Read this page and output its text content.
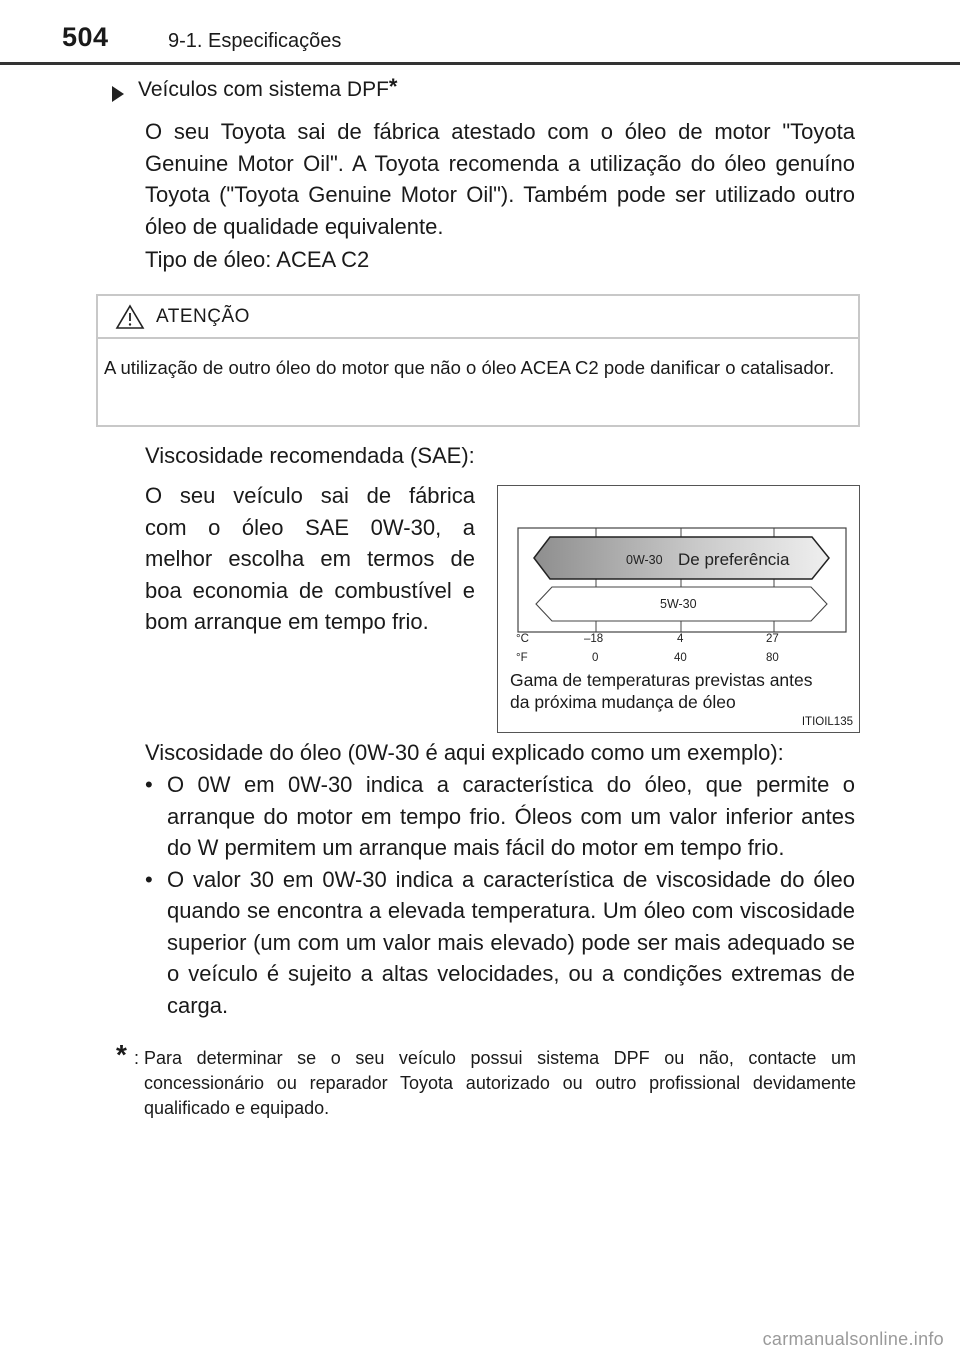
504	9-1. Especificações
Veículos com sistema DPF*
O seu Toyota sai de fábrica atestado com o óleo de motor "Toyota Genuine Motor Oil". A Toyota recomenda a utilização do óleo genuíno Toyota ("Toyota Genuine Motor Oil"). Também pode ser utilizado outro óleo de qualidade equivalente.
Tipo de óleo: ACEA C2
ATENÇÃO
A utilização de outro óleo do motor que não o óleo ACEA C2 pode danificar o catalisador.
Viscosidade recomendada (SAE):
O seu veículo sai de fábrica
com o óleo SAE 0W-30, a
melhor escolha em termos de
boa economia de combustível e
bom arranque em tempo frio.
0W-30 De preferência
5W-30
°C	–18	4	27
°F	0	40	80
Gama de temperaturas previstas antes
da próxima mudança de óleo
ITIOIL135
Viscosidade do óleo (0W-30 é aqui explicado como um exemplo):
• O 0W em 0W-30 indica a característica do óleo, que permite o arranque do motor em tempo frio. Óleos com um valor inferior antes do W permitem um arranque mais fácil do motor em tempo frio.
• O valor 30 em 0W-30 indica a característica de viscosidade do óleo quando se encontra a elevada temperatura. Um óleo com viscosidade superior (um com um valor mais elevado) pode ser mais adequado se o veículo é sujeito a altas velocidades, ou a condições extremas de carga.
* : Para determinar se o seu veículo possui sistema DPF ou não, contacte um concessionário ou reparador Toyota autorizado ou outro profissional devidamente qualificado e equipado.
carmanualsonline.info
